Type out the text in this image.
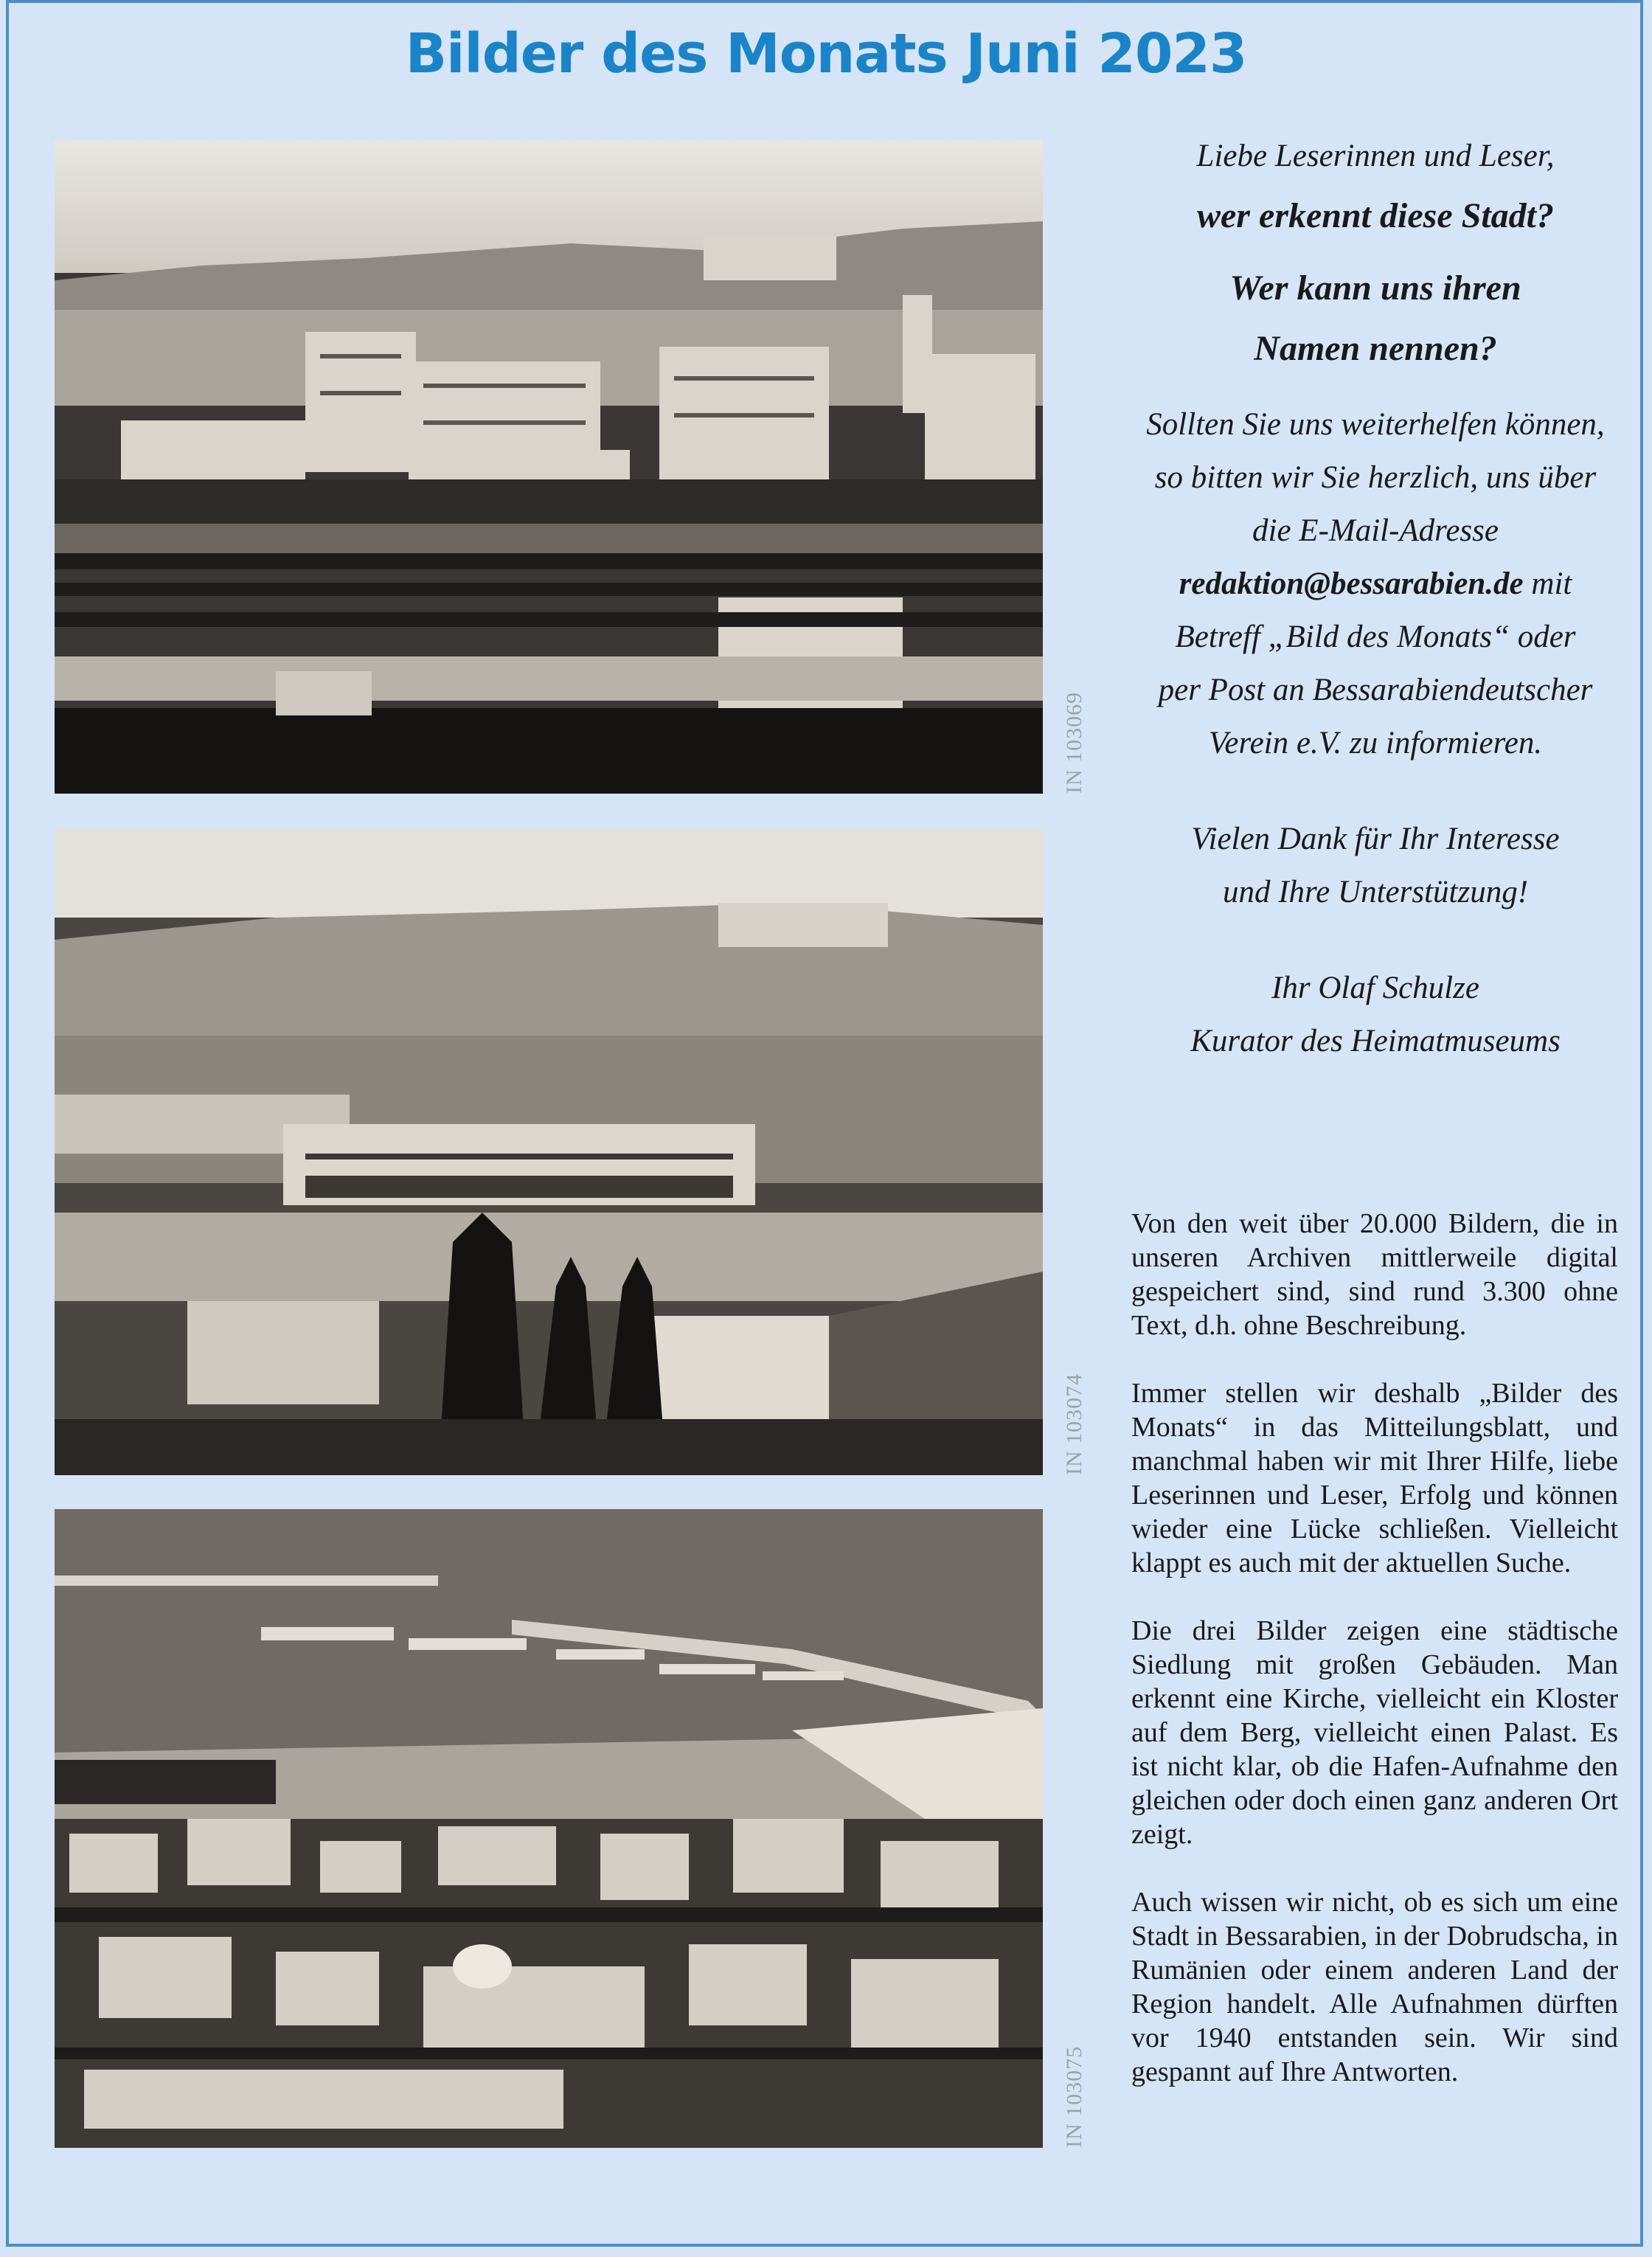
Bilder des Monats Juni 2023
IN 103069
IN 103074
IN 103075
Liebe Leserinnen und Leser,
wer erkennt diese Stadt?
Wer kann uns ihren
Namen nennen?
Sollten Sie uns weiterhelfen können,
so bitten wir Sie herzlich, uns über
die E-Mail-Adresse
redaktion@bessarabien.de mit
Betreff „Bild des Monats“ oder
per Post an Bessarabiendeutscher
Verein e.V. zu informieren.
Vielen Dank für Ihr Interesse
und Ihre Unterstützung!
Ihr Olaf Schulze
Kurator des Heimatmuseums

Von den weit über 20.000 Bildern, die in unseren Archiven mittlerweile digital gespeichert sind, sind rund 3.300 ohne Text, d.h. ohne Beschreibung.

Immer stellen wir deshalb „Bilder des Monats“ in das Mitteilungsblatt, und manchmal haben wir mit Ihrer Hilfe, liebe Leserinnen und Leser, Erfolg und können wieder eine Lücke schließen. Vielleicht klappt es auch mit der aktuellen Suche.

Die drei Bilder zeigen eine städtische Siedlung mit großen Gebäuden. Man erkennt eine Kirche, vielleicht ein Kloster auf dem Berg, vielleicht einen Palast. Es ist nicht klar, ob die Hafen-Aufnahme den gleichen oder doch einen ganz anderen Ort zeigt.

Auch wissen wir nicht, ob es sich um eine Stadt in Bessarabien, in der Dobrudscha, in Rumänien oder einem anderen Land der Region handelt. Alle Aufnahmen dürften vor 1940 entstanden sein. Wir sind gespannt auf Ihre Antworten.
